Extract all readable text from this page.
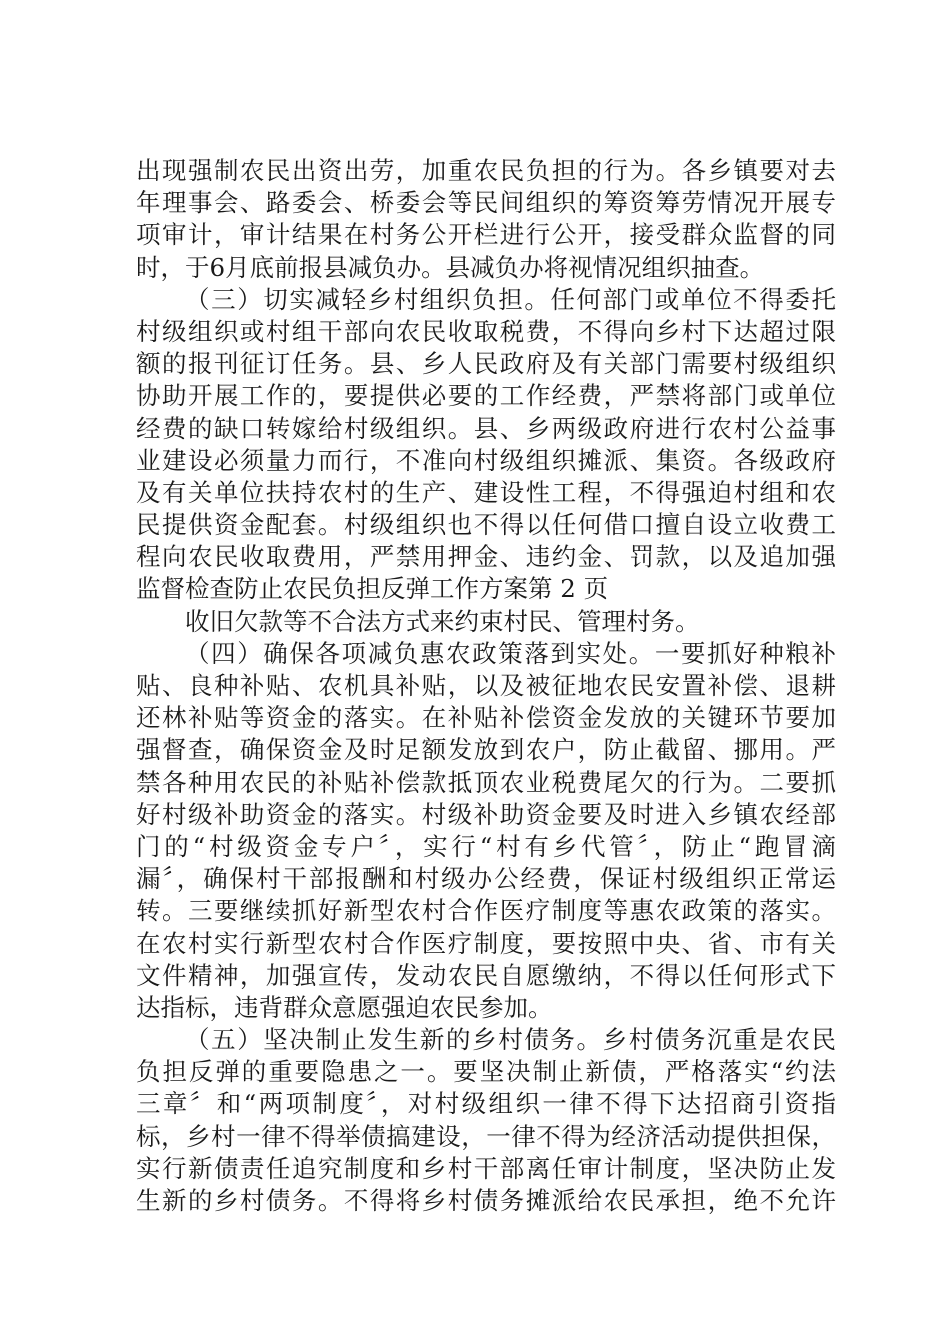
出现强制农民出资出劳，加重农民负担的行为。各乡镇要对去
年理事会、路委会、桥委会等民间组织的筹资筹劳情况开展专
项审计，审计结果在村务公开栏进行公开，接受群众监督的同
时，于6月底前报县减负办。县减负办将视情况组织抽查。
（三）切实减轻乡村组织负担。任何部门或单位不得委托
村级组织或村组干部向农民收取税费，不得向乡村下达超过限
额的报刊征订任务。县、乡人民政府及有关部门需要村级组织
协助开展工作的，要提供必要的工作经费，严禁将部门或单位
经费的缺口转嫁给村级组织。县、乡两级政府进行农村公益事
业建设必须量力而行，不准向村级组织摊派、集资。各级政府
及有关单位扶持农村的生产、建设性工程，不得强迫村组和农
民提供资金配套。村级组织也不得以任何借口擅自设立收费工
程向农民收取费用，严禁用押金、违约金、罚款，以及追加强
监督检查防止农民负担反弹工作方案第 2 页
收旧欠款等不合法方式来约束村民、管理村务。
（四）确保各项减负惠农政策落到实处。一要抓好种粮补
贴、良种补贴、农机具补贴，以及被征地农民安置补偿、退耕
还林补贴等资金的落实。在补贴补偿资金发放的关键环节要加
强督查，确保资金及时足额发放到农户，防止截留、挪用。严
禁各种用农民的补贴补偿款抵顶农业税费尾欠的行为。二要抓
好村级补助资金的落实。村级补助资金要及时进入乡镇农经部
门的“村级资金专户〞，实行“村有乡代管〞，防止“跑冒滴
漏〞，确保村干部报酬和村级办公经费，保证村级组织正常运
转。三要继续抓好新型农村合作医疗制度等惠农政策的落实。
在农村实行新型农村合作医疗制度，要按照中央、省、市有关
文件精神，加强宣传，发动农民自愿缴纳，不得以任何形式下
达指标，违背群众意愿强迫农民参加。
（五）坚决制止发生新的乡村债务。乡村债务沉重是农民
负担反弹的重要隐患之一。要坚决制止新债，严格落实“约法
三章〞和“两项制度〞，对村级组织一律不得下达招商引资指
标，乡村一律不得举债搞建设，一律不得为经济活动提供担保，
实行新债责任追究制度和乡村干部离任审计制度，坚决防止发
生新的乡村债务。不得将乡村债务摊派给农民承担，绝不允许
